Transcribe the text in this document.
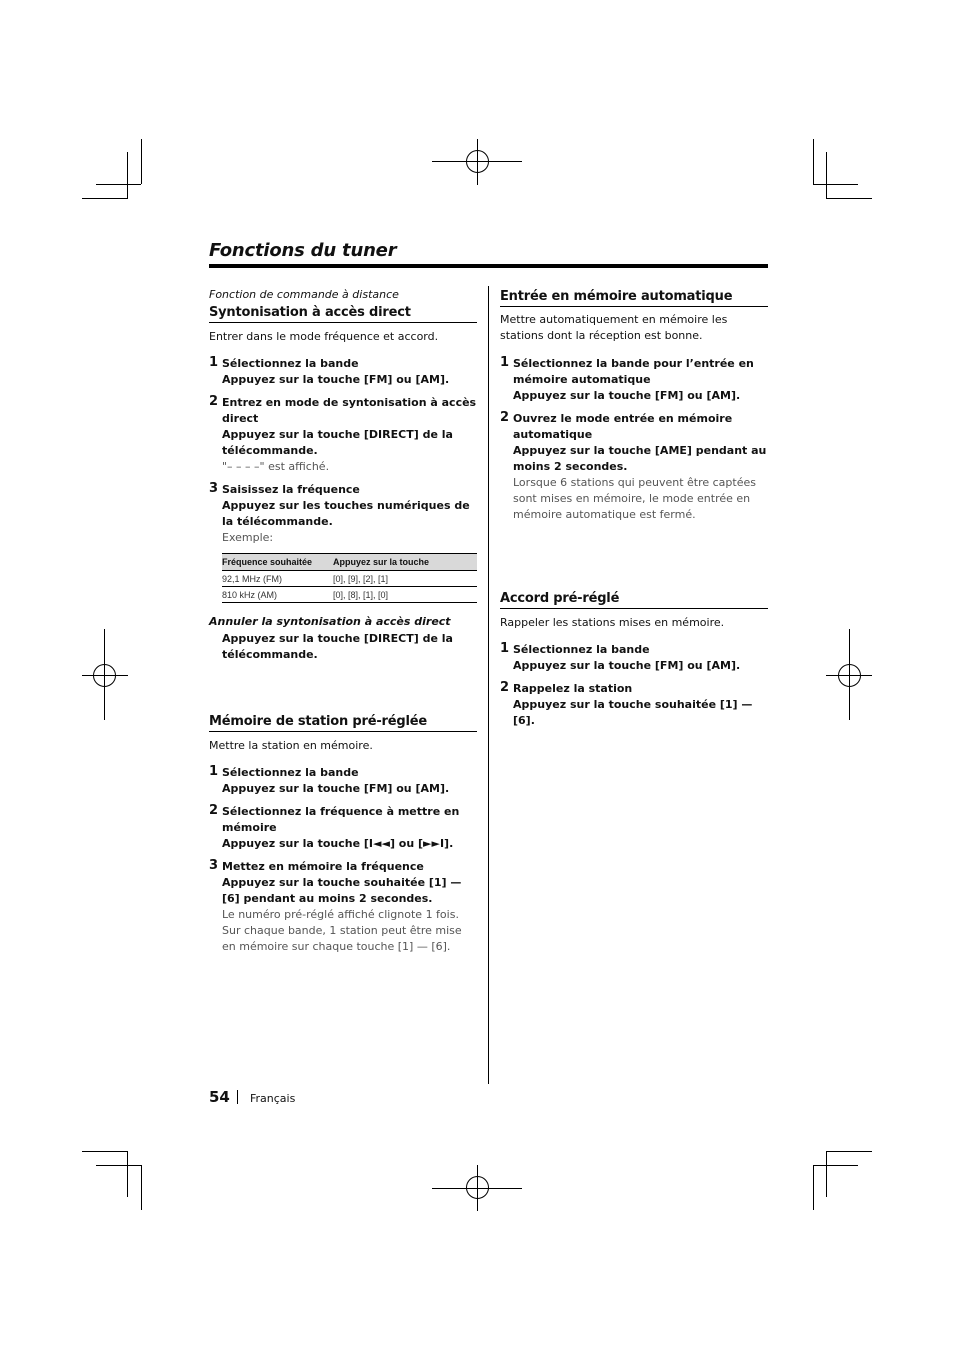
Fonctions du tuner
Fonction de commande à distance
Syntonisation à accès direct
Entrer dans le mode fréquence et accord.
1 Sélectionnez la bande
Appuyez sur la touche [FM] ou [AM].
2 Entrez en mode de syntonisation à accès direct
Appuyez sur la touche [DIRECT] de la télécommande.
"– – – –" est affiché.
3 Saisissez la fréquence
Appuyez sur les touches numériques de la télécommande.
Exemple:
Fréquence souhaitée	Appuyez sur la touche
92,1 MHz (FM)	[0], [9], [2], [1]
810 kHz (AM)	[0], [8], [1], [0]
Annuler la syntonisation à accès direct
Appuyez sur la touche [DIRECT] de la télécommande.
Mémoire de station pré-réglée
Mettre la station en mémoire.
1 Sélectionnez la bande
Appuyez sur la touche [FM] ou [AM].
2 Sélectionnez la fréquence à mettre en mémoire
Appuyez sur la touche [I◄◄] ou [►►I].
3 Mettez en mémoire la fréquence
Appuyez sur la touche souhaitée [1] — [6] pendant au moins 2 secondes.
Le numéro pré-réglé affiché clignote 1 fois. Sur chaque bande, 1 station peut être mise en mémoire sur chaque touche [1] — [6].
Entrée en mémoire automatique
Mettre automatiquement en mémoire les stations dont la réception est bonne.
1 Sélectionnez la bande pour l’entrée en mémoire automatique
Appuyez sur la touche [FM] ou [AM].
2 Ouvrez le mode entrée en mémoire automatique
Appuyez sur la touche [AME] pendant au moins 2 secondes.
Lorsque 6 stations qui peuvent être captées sont mises en mémoire, le mode entrée en mémoire automatique est fermé.
Accord pré-réglé
Rappeler les stations mises en mémoire.
1 Sélectionnez la bande
Appuyez sur la touche [FM] ou [AM].
2 Rappelez la station
Appuyez sur la touche souhaitée [1] — [6].
54 Français
